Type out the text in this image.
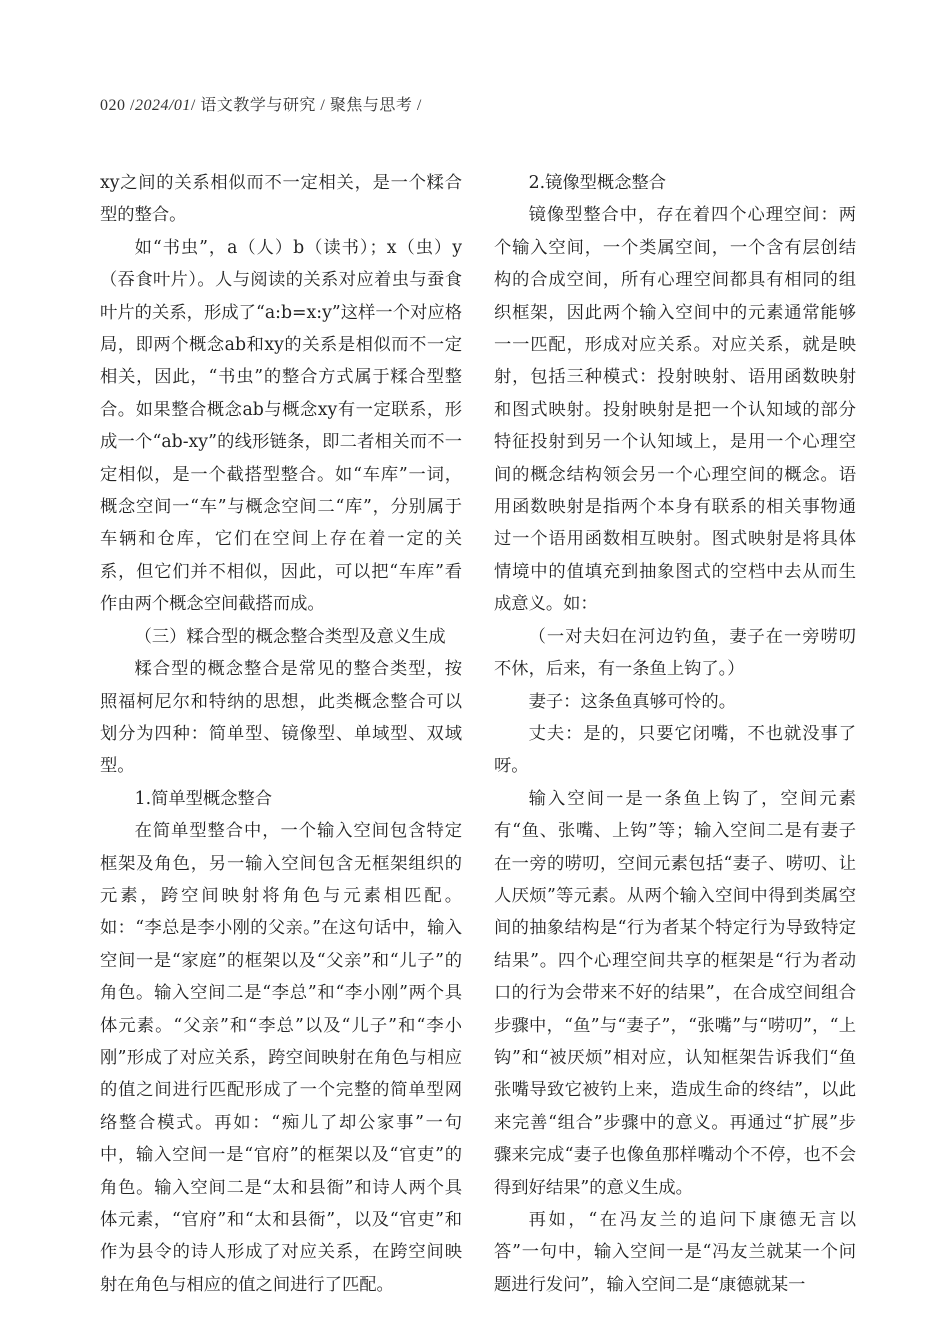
020 /2024/01/ 语文教学与研究 / 聚焦与思考 /

xy之间的关系相似而不一定相关，是一个糅合型的整合。

如“书虫”，a（人）b（读书）；x（虫）y（吞食叶片）。人与阅读的关系对应着虫与蚕食叶片的关系，形成了“a:b=x:y”这样一个对应格局，即两个概念ab和xy的关系是相似而不一定相关，因此，“书虫”的整合方式属于糅合型整合。如果整合概念ab与概念xy有一定联系，形成一个“ab-xy”的线形链条，即二者相关而不一定相似，是一个截搭型整合。如“车库”一词，概念空间一“车”与概念空间二“库”，分别属于车辆和仓库，它们在空间上存在着一定的关系，但它们并不相似，因此，可以把“车库”看作由两个概念空间截搭而成。

（三）糅合型的概念整合类型及意义生成

糅合型的概念整合是常见的整合类型，按照福柯尼尔和特纳的思想，此类概念整合可以划分为四种：简单型、镜像型、单域型、双域型。

1.简单型概念整合

在简单型整合中，一个输入空间包含特定框架及角色，另一输入空间包含无框架组织的元素，跨空间映射将角色与元素相匹配。如：“李总是李小刚的父亲。”在这句话中，输入空间一是“家庭”的框架以及“父亲”和“儿子”的角色。输入空间二是“李总”和“李小刚”两个具体元素。“父亲”和“李总”以及“儿子”和“李小刚”形成了对应关系，跨空间映射在角色与相应的值之间进行匹配形成了一个完整的简单型网络整合模式。再如：“痴儿了却公家事”一句中，输入空间一是“官府”的框架以及“官吏”的角色。输入空间二是“太和县衙”和诗人两个具体元素，“官府”和“太和县衙”，以及“官吏”和作为县令的诗人形成了对应关系，在跨空间映射在角色与相应的值之间进行了匹配。

2.镜像型概念整合

镜像型整合中，存在着四个心理空间：两个输入空间，一个类属空间，一个含有层创结构的合成空间，所有心理空间都具有相同的组织框架，因此两个输入空间中的元素通常能够一一匹配，形成对应关系。对应关系，就是映射，包括三种模式：投射映射、语用函数映射和图式映射。投射映射是把一个认知域的部分特征投射到另一个认知域上，是用一个心理空间的概念结构领会另一个心理空间的概念。语用函数映射是指两个本身有联系的相关事物通过一个语用函数相互映射。图式映射是将具体情境中的值填充到抽象图式的空档中去从而生成意义。如：

（一对夫妇在河边钓鱼，妻子在一旁唠叨不休，后来，有一条鱼上钩了。）

妻子：这条鱼真够可怜的。

丈夫：是的，只要它闭嘴，不也就没事了呀。

输入空间一是一条鱼上钩了，空间元素有“鱼、张嘴、上钩”等；输入空间二是有妻子在一旁的唠叨，空间元素包括“妻子、唠叨、让人厌烦”等元素。从两个输入空间中得到类属空间的抽象结构是“行为者某个特定行为导致特定结果”。四个心理空间共享的框架是“行为者动口的行为会带来不好的结果”，在合成空间组合步骤中，“鱼”与“妻子”，“张嘴”与“唠叨”，“上钩”和“被厌烦”相对应，认知框架告诉我们“鱼张嘴导致它被钓上来，造成生命的终结”，以此来完善“组合”步骤中的意义。再通过“扩展”步骤来完成“妻子也像鱼那样嘴动个不停，也不会得到好结果”的意义生成。

再如，“在冯友兰的追问下康德无言以答”一句中，输入空间一是“冯友兰就某一个问题进行发问”，输入空间二是“康德就某一
